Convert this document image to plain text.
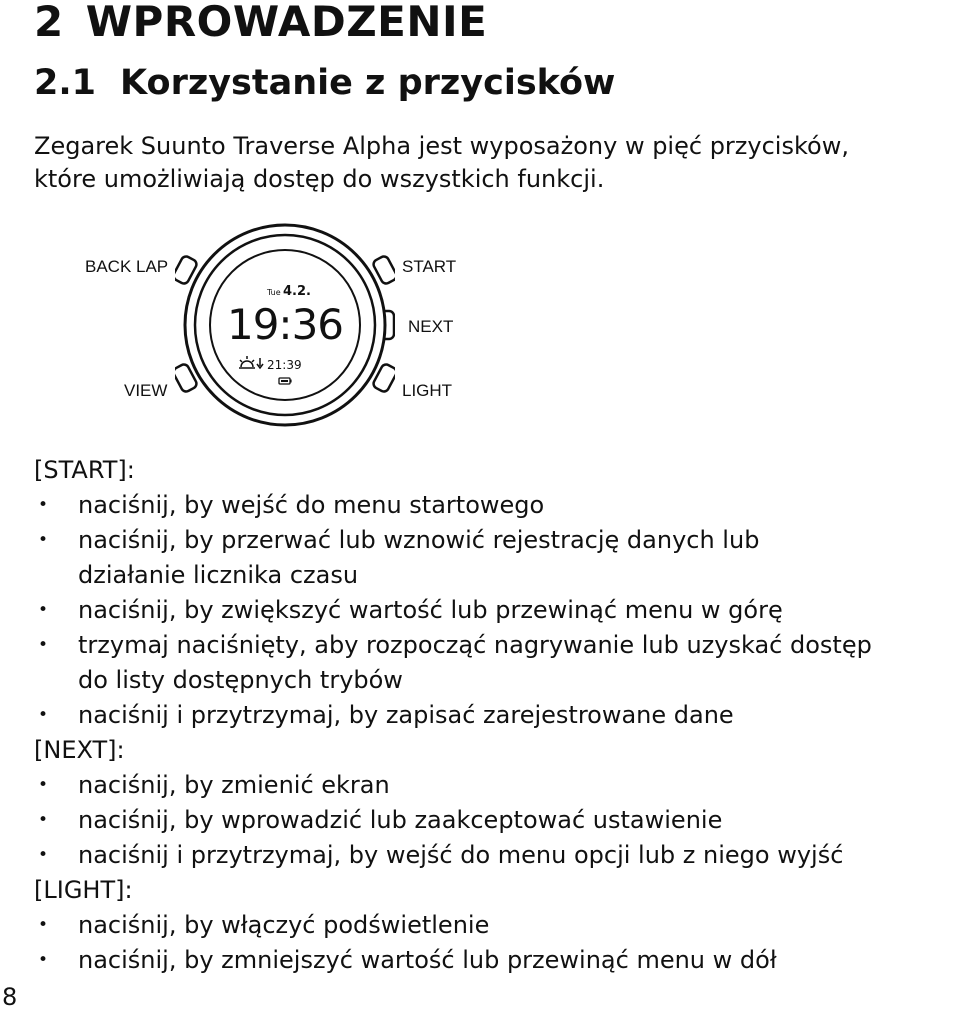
2 WPROWADZENIE
2.1 Korzystanie z przycisków
Zegarek Suunto Traverse Alpha jest wyposażony w pięć przycisków,
które umożliwiają dostęp do wszystkich funkcji.
BACK LAP	START
NEXT
VIEW	LIGHT
Tue 4.2.
19:36
21:39
[START]:
• naciśnij, by wejść do menu startowego
• naciśnij, by przerwać lub wznowić rejestrację danych lub
działanie licznika czasu
• naciśnij, by zwiększyć wartość lub przewinąć menu w górę
• trzymaj naciśnięty, aby rozpocząć nagrywanie lub uzyskać dostęp
do listy dostępnych trybów
• naciśnij i przytrzymaj, by zapisać zarejestrowane dane
[NEXT]:
• naciśnij, by zmienić ekran
• naciśnij, by wprowadzić lub zaakceptować ustawienie
• naciśnij i przytrzymaj, by wejść do menu opcji lub z niego wyjść
[LIGHT]:
• naciśnij, by włączyć podświetlenie
• naciśnij, by zmniejszyć wartość lub przewinąć menu w dół
8
